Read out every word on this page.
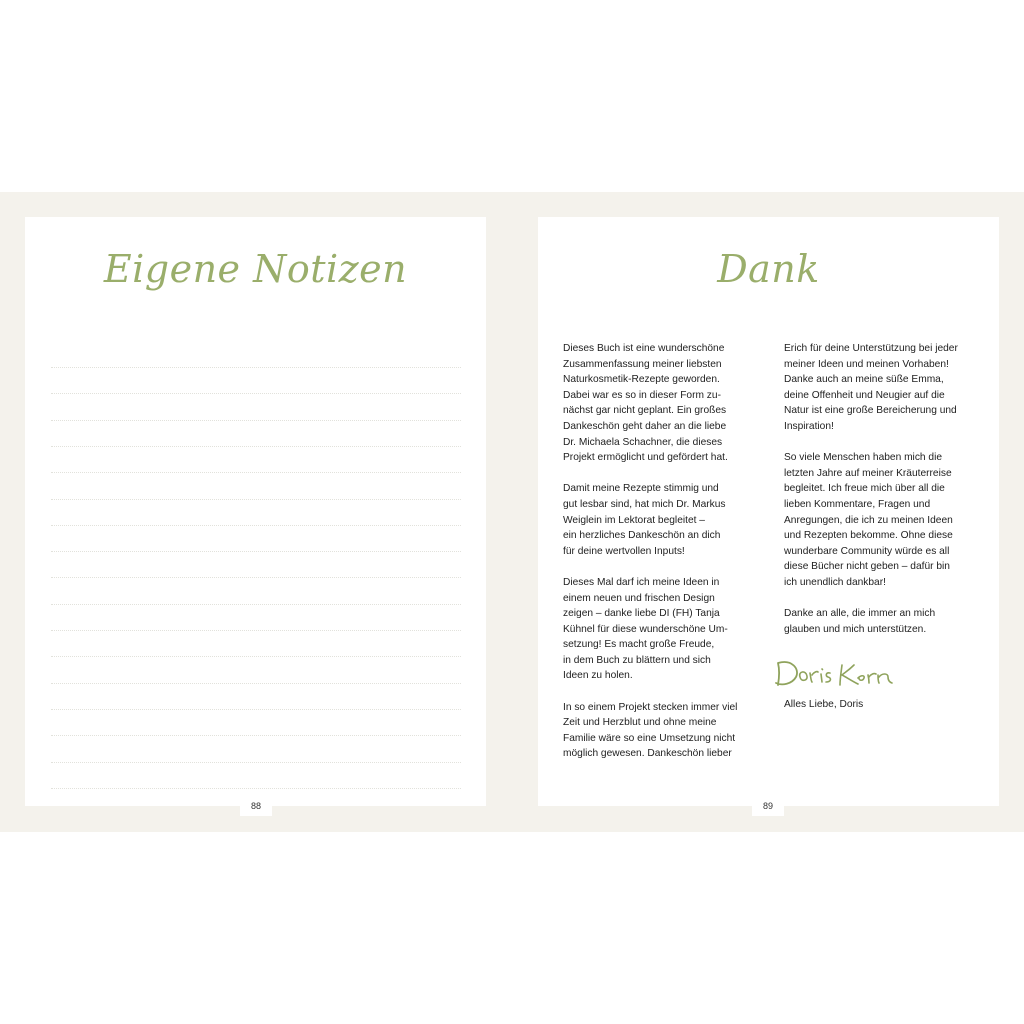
Eigene Notizen
88
Dank

Dieses Buch ist eine wunderschöne
Zusammenfassung meiner liebsten
Naturkosmetik-Rezepte geworden.
Dabei war es so in dieser Form zu-
nächst gar nicht geplant. Ein großes
Dankeschön geht daher an die liebe
Dr. Michaela Schachner, die dieses
Projekt ermöglicht und gefördert hat.

Damit meine Rezepte stimmig und
gut lesbar sind, hat mich Dr. Markus
Weiglein im Lektorat begleitet –
ein herzliches Dankeschön an dich
für deine wertvollen Inputs!

Dieses Mal darf ich meine Ideen in
einem neuen und frischen Design
zeigen – danke liebe DI (FH) Tanja
Kühnel für diese wunderschöne Um-
setzung! Es macht große Freude,
in dem Buch zu blättern und sich
Ideen zu holen.

In so einem Projekt stecken immer viel
Zeit und Herzblut und ohne meine
Familie wäre so eine Umsetzung nicht
möglich gewesen. Dankeschön lieber

Erich für deine Unterstützung bei jeder
meiner Ideen und meinen Vorhaben!
Danke auch an meine süße Emma,
deine Offenheit und Neugier auf die
Natur ist eine große Bereicherung und
Inspiration!

So viele Menschen haben mich die
letzten Jahre auf meiner Kräuterreise
begleitet. Ich freue mich über all die
lieben Kommentare, Fragen und
Anregungen, die ich zu meinen Ideen
und Rezepten bekomme. Ohne diese
wunderbare Community würde es all
diese Bücher nicht geben – dafür bin
ich unendlich dankbar!

Danke an alle, die immer an mich
glauben und mich unterstützen.

Alles Liebe, Doris
89
